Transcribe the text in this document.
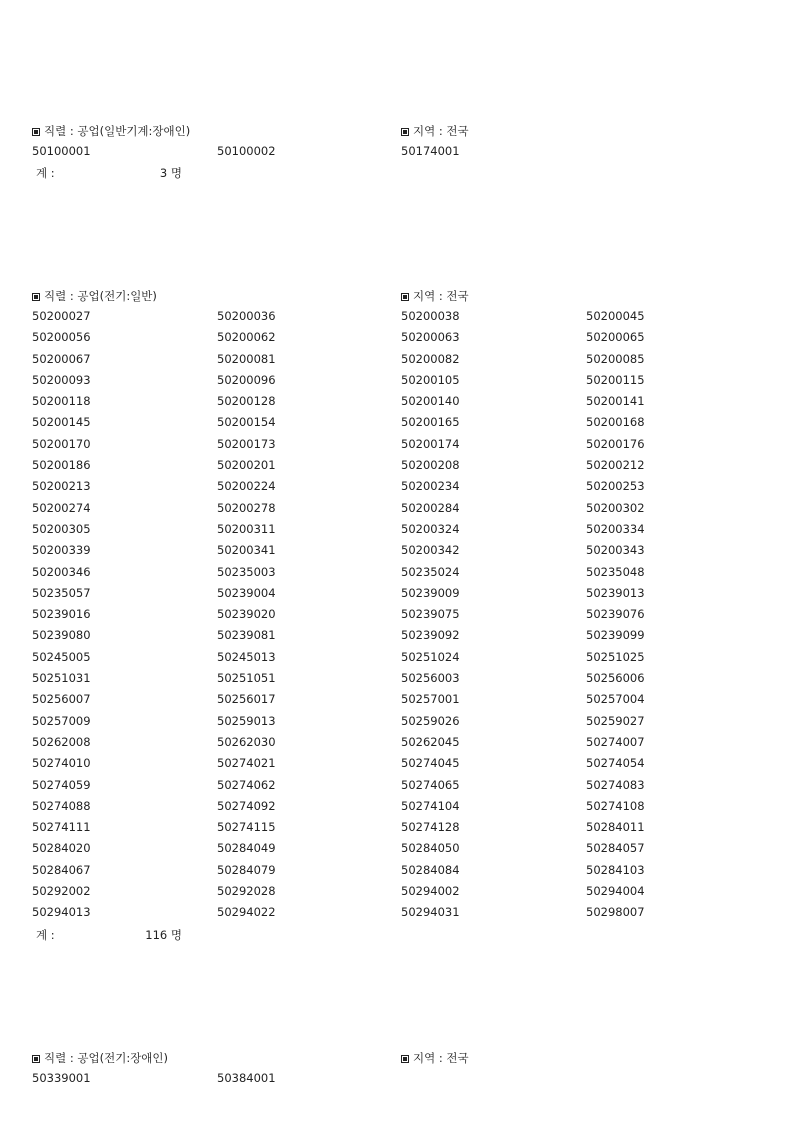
직렬 : 공업(일반기계:장애인)	지역 : 전국
50100001	50100002	50174001
계 :	3 명
직렬 : 공업(전기:일반)	지역 : 전국
50200027	50200036	50200038	50200045
50200056	50200062	50200063	50200065
50200067	50200081	50200082	50200085
50200093	50200096	50200105	50200115
50200118	50200128	50200140	50200141
50200145	50200154	50200165	50200168
50200170	50200173	50200174	50200176
50200186	50200201	50200208	50200212
50200213	50200224	50200234	50200253
50200274	50200278	50200284	50200302
50200305	50200311	50200324	50200334
50200339	50200341	50200342	50200343
50200346	50235003	50235024	50235048
50235057	50239004	50239009	50239013
50239016	50239020	50239075	50239076
50239080	50239081	50239092	50239099
50245005	50245013	50251024	50251025
50251031	50251051	50256003	50256006
50256007	50256017	50257001	50257004
50257009	50259013	50259026	50259027
50262008	50262030	50262045	50274007
50274010	50274021	50274045	50274054
50274059	50274062	50274065	50274083
50274088	50274092	50274104	50274108
50274111	50274115	50274128	50284011
50284020	50284049	50284050	50284057
50284067	50284079	50284084	50284103
50292002	50292028	50294002	50294004
50294013	50294022	50294031	50298007
계 :	116 명
직렬 : 공업(전기:장애인)	지역 : 전국
50339001	50384001
